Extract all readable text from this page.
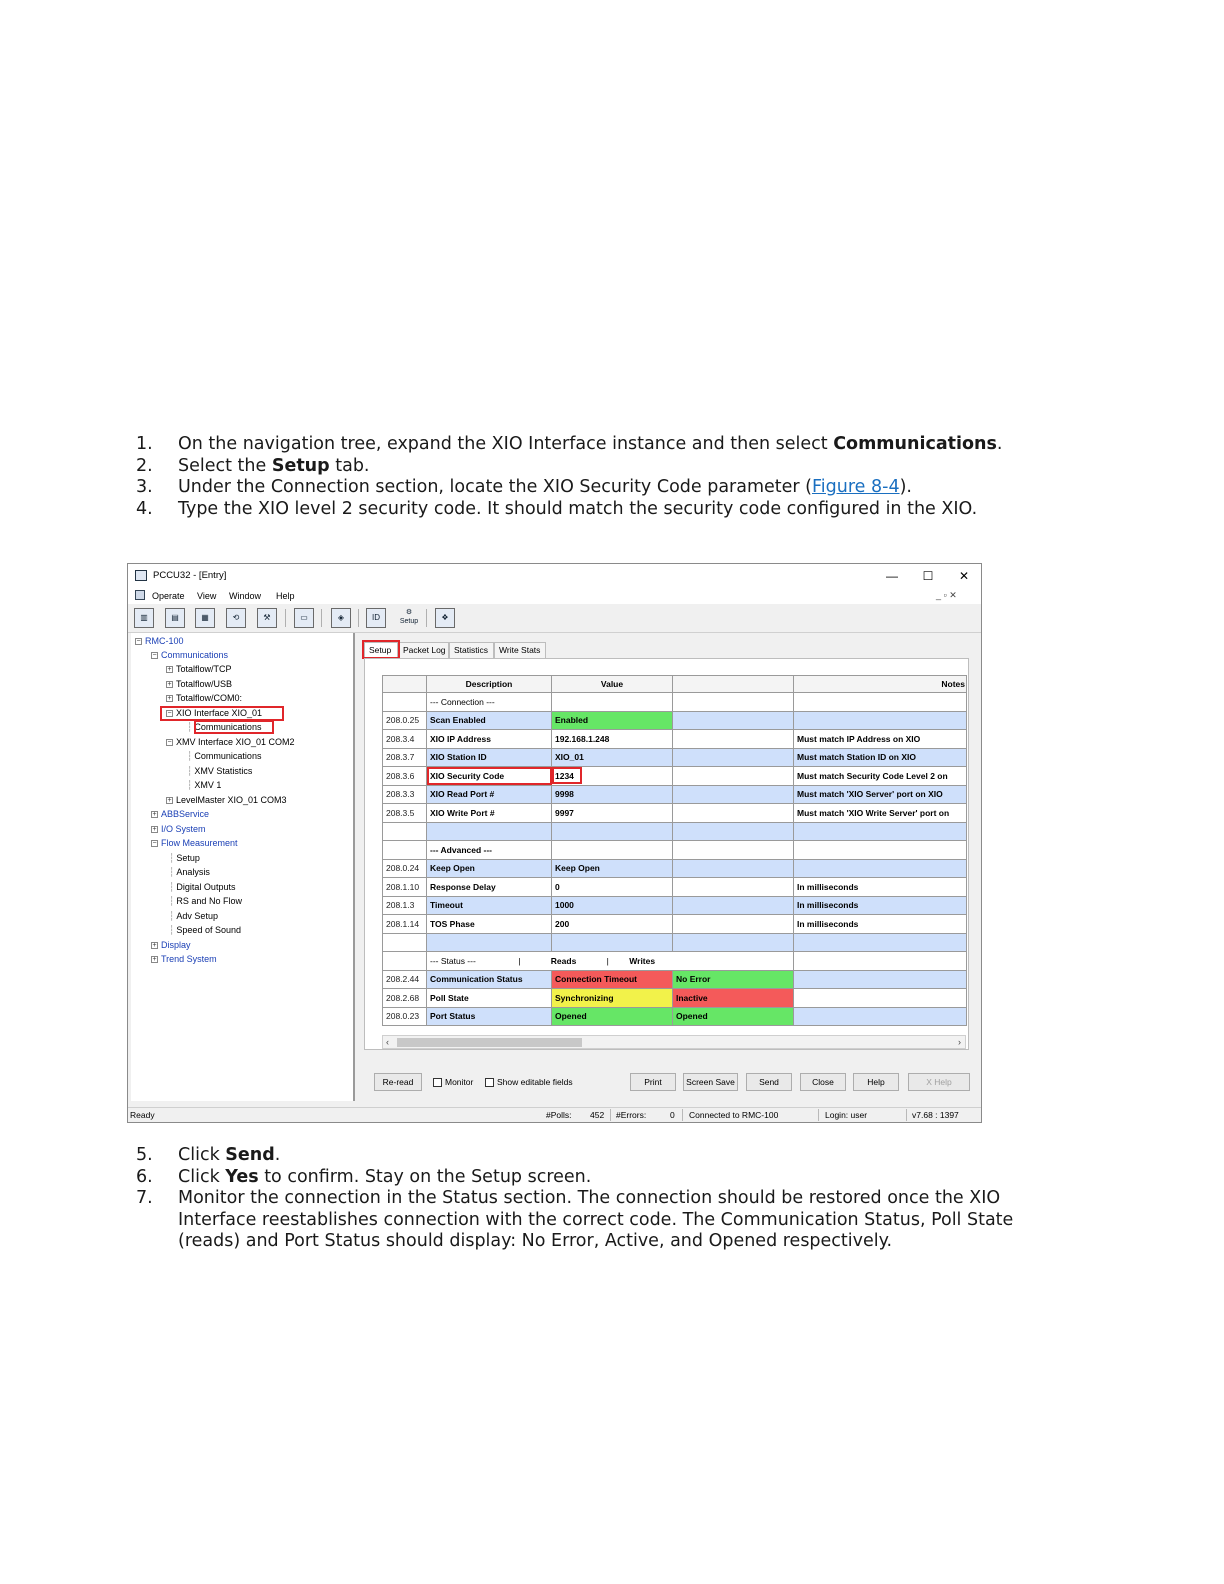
1.	On the navigation tree, expand the XIO Interface instance and then select Communications.
2.	Select the Setup tab.
3.	Under the Connection section, locate the XIO Security Code parameter (Figure 8-4).
4.	Type the XIO level 2 security code. It should match the security code configured in the XIO.
PCCU32 - [Entry]	—	☐	✕
Operate View Window Help	_ ▫ ✕
▥	▤	▦	⟲	⚒	▭	◈	ID
⚙
Setup	❖
− RMC-100
− Communications
+ Totalflow/TCP
+ Totalflow/USB
+ Totalflow/COM0:
− XIO Interface XIO_01
┆ Communications
− XMV Interface XIO_01 COM2
┆ Communications
┆ XMV Statistics
┆ XMV 1
+ LevelMaster XIO_01 COM3
+ ABBService
+ I/O System
− Flow Measurement
┆ Setup
┆ Analysis
┆ Digital Outputs
┆ RS and No Flow
┆ Adv Setup
┆ Speed of Sound
+ Display
+ Trend System
Setup	Packet Log Statistics	Write Stats
	Description	Value		Notes
	--- Connection ---			
208.0.25	Scan Enabled	Enabled		
208.3.4	XIO IP Address	192.168.1.248		Must match IP Address on XIO
208.3.7	XIO Station ID	XIO_01		Must match Station ID on XIO
208.3.6	XIO Security Code	1234		Must match Security Code Level 2 on
208.3.3	XIO Read Port #	9998		Must match 'XIO Server' port on XIO
208.3.5	XIO Write Port #	9997		Must match 'XIO Write Server' port on

	--- Advanced ---			
208.0.24	Keep Open	Keep Open		
208.1.10	Response Delay	0		In milliseconds
208.1.3	Timeout	1000		In milliseconds
208.1.14	TOS Phase	200		In milliseconds

	--- Status --- | Reads | Writes			
208.2.44	Communication Status	Connection Timeout	No Error	
208.2.68	Poll State	Synchronizing	Inactive	
208.0.23	Port Status	Opened	Opened	
‹	›
Re-read	Monitor	Show editable fields	Print	Screen Save	Send	Close	Help	X Help
Ready	#Polls: 452 #Errors:	0 Connected to RMC-100	Login: user	v7.68 : 1397
5.	Click Send.
6.	Click Yes to confirm. Stay on the Setup screen.
7.	Monitor the connection in the Status section. The connection should be restored once the XIO Interface reestablishes connection with the correct code. The Communication Status, Poll State (reads) and Port Status should display: No Error, Active, and Opened respectively.
